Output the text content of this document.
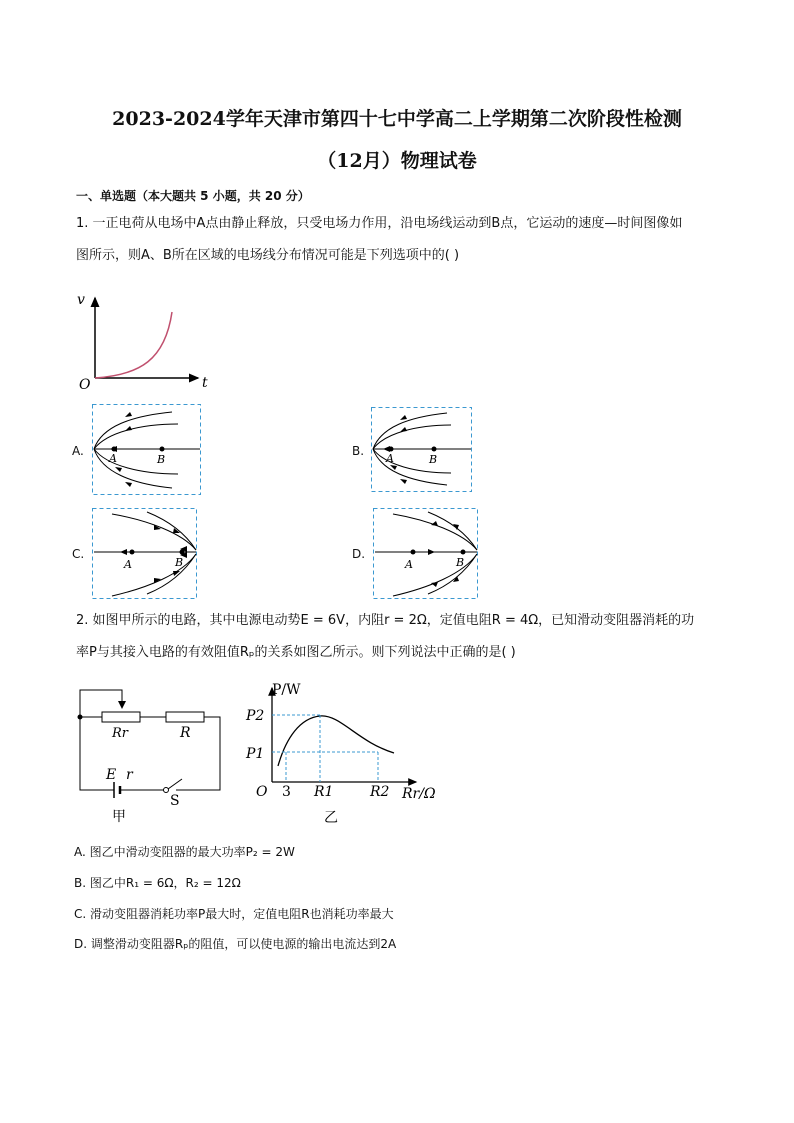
2023-2024学年天津市第四十七中学高二上学期第二次阶段性检测
（12月）物理试卷
一、单选题（本大题共 5 小题，共 20 分）
1. 一正电荷从电场中A点由静止释放，只受电场力作用，沿电场线运动到B点，它运动的速度—时间图像如
图所示，则A、B所在区域的电场线分布情况可能是下列选项中的( )
v
t
O
A.
A	B
B.
A	B
C.
A	B
D.
A	B
2. 如图甲所示的电路，其中电源电动势E = 6V，内阻r = 2Ω，定值电阻R = 4Ω，已知滑动变阻器消耗的功
率P与其接入电路的有效阻值Rₚ的关系如图乙所示。则下列说法中正确的是( )
Rr	R
E r
S
甲
P/W
P2
P1
O 3 R1	R2 Rr/Ω
乙
A. 图乙中滑动变阻器的最大功率P₂ = 2W
B. 图乙中R₁ = 6Ω，R₂ = 12Ω
C. 滑动变阻器消耗功率P最大时，定值电阻R也消耗功率最大
D. 调整滑动变阻器Rₚ的阻值，可以使电源的输出电流达到2A
